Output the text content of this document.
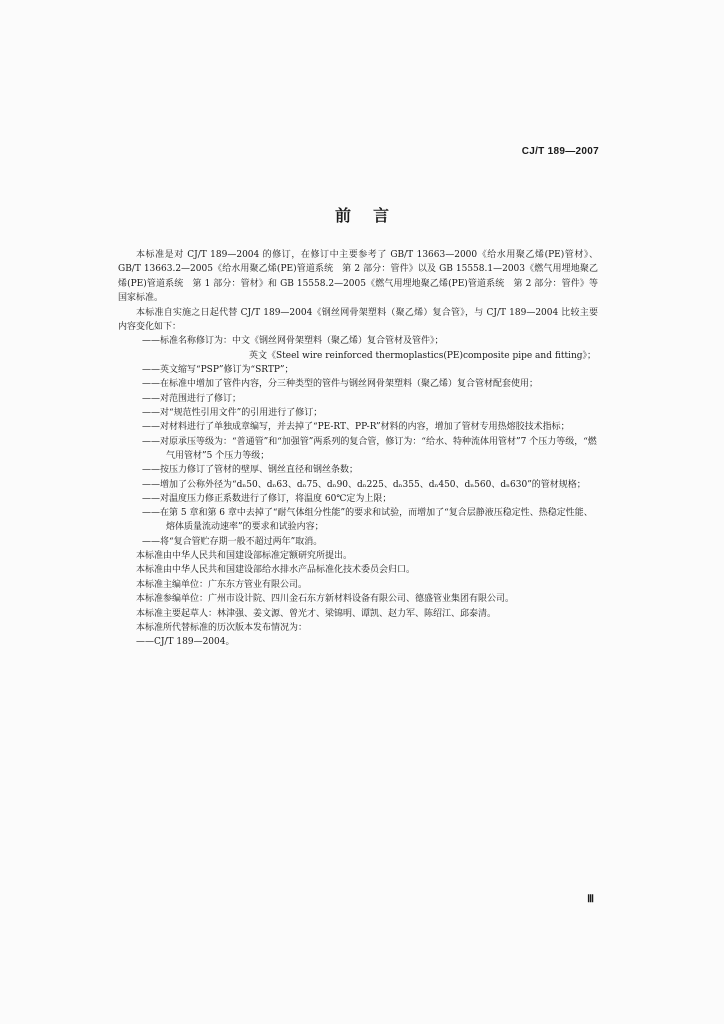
CJ/T 189—2007
前言

本标准是对 CJ/T 189—2004 的修订，在修订中主要参考了 GB/T 13663—2000《给水用聚乙烯(PE)管材》、GB/T 13663.2—2005《给水用聚乙烯(PE)管道系统　第 2 部分：管件》以及 GB 15558.1—2003《燃气用埋地聚乙烯(PE)管道系统　第 1 部分：管材》和 GB 15558.2—2005《燃气用埋地聚乙烯(PE)管道系统　第 2 部分：管件》等国家标准。

本标准自实施之日起代替 CJ/T 189—2004《钢丝网骨架塑料（聚乙烯）复合管》，与 CJ/T 189—2004 比较主要内容变化如下：

——标准名称修订为：中文《钢丝网骨架塑料（聚乙烯）复合管材及管件》；

英文《Steel wire reinforced thermoplastics(PE)composite pipe and fitting》；

——英文缩写“PSP”修订为“SRTP”；

——在标准中增加了管件内容，分三种类型的管件与钢丝网骨架塑料（聚乙烯）复合管材配套使用；

——对范围进行了修订；

——对“规范性引用文件”的引用进行了修订；

——对材料进行了单独成章编写，并去掉了“PE-RT、PP-R”材料的内容，增加了管材专用热熔胶技术指标；

——对原承压等级为：“普通管”和“加强管”两系列的复合管，修订为：“给水、特种流体用管材”7 个压力等级，“燃气用管材”5 个压力等级；

——按压力修订了管材的壁厚、钢丝直径和钢丝条数；

——增加了公称外径为“dₙ50、dₙ63、dₙ75、dₙ90、dₙ225、dₙ355、dₙ450、dₙ560、dₙ630”的管材规格；

——对温度压力修正系数进行了修订，将温度 60℃定为上限；

——在第 5 章和第 6 章中去掉了“耐气体组分性能”的要求和试验，而增加了“复合层静液压稳定性、热稳定性能、熔体质量流动速率”的要求和试验内容；

——将“复合管贮存期一般不超过两年”取消。

本标准由中华人民共和国建设部标准定额研究所提出。

本标准由中华人民共和国建设部给水排水产品标准化技术委员会归口。

本标准主编单位：广东东方管业有限公司。

本标准参编单位：广州市设计院、四川金石东方新材料设备有限公司、德盛管业集团有限公司。

本标准主要起草人：林津强、姜文源、曾光才、梁锦明、谭凯、赵力军、陈绍江、邱泰清。

本标准所代替标准的历次版本发布情况为：

——CJ/T 189—2004。

Ⅲ
